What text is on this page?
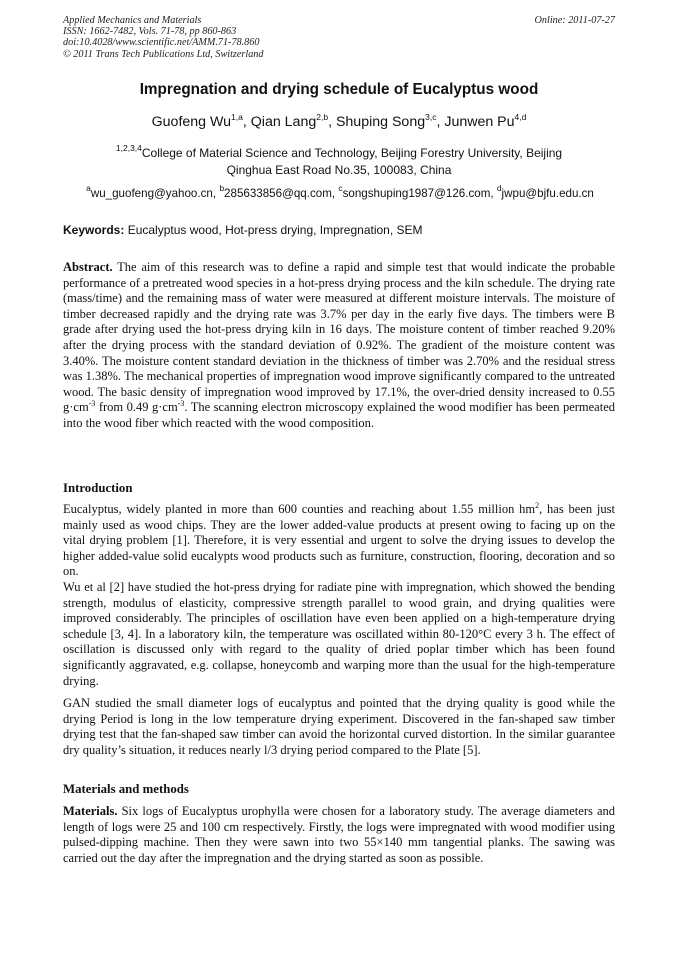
Applied Mechanics and Materials
ISSN: 1662-7482, Vols. 71-78, pp 860-863
doi:10.4028/www.scientific.net/AMM.71-78.860
© 2011 Trans Tech Publications Ltd, Switzerland
Online: 2011-07-27
Impregnation and drying schedule of Eucalyptus wood
Guofeng Wu$^{1,a}$, Qian Lang$^{2,b}$, Shuping Song$^{3,c}$, Junwen Pu$^{4,d}$
$^{1,2,3,4}$College of Material Science and Technology, Beijing Forestry University, Beijing
Qinghua East Road No.35, 100083, China
$^a$wu_guofeng@yahoo.cn, $^b$285633856@qq.com, $^c$songshuping1987@126.com, $^d$jwpu@bjfu.edu.cn
Keywords: Eucalyptus wood, Hot-press drying, Impregnation, SEM
Abstract. The aim of this research was to define a rapid and simple test that would indicate the probable performance of a pretreated wood species in a hot-press drying process and the kiln schedule. The drying rate (mass/time) and the remaining mass of water were measured at different moisture intervals. The moisture of timber decreased rapidly and the drying rate was 3.7% per day in the early five days. The timbers were B grade after drying used the hot-press drying kiln in 16 days. The moisture content of timber reached 9.20% after the drying process with the standard deviation of 0.92%. The gradient of the moisture content was 3.40%. The moisture content standard deviation in the thickness of timber was 2.70% and the residual stress was 1.38%. The mechanical properties of impregnation wood improve significantly compared to the untreated wood. The basic density of impregnation wood improved by 17.1%, the over-dried density increased to 0.55 $g\cdot cm^{-3}$ from 0.49 $g\cdot cm^{-3}$. The scanning electron microscopy explained the wood modifier has been permeated into the wood fiber which reacted with the wood composition.
Introduction
Eucalyptus, widely planted in more than 600 counties and reaching about 1.55 million $hm^2$, has been just mainly used as wood chips. They are the lower added-value products at present owing to facing up on the vital drying problem [1]. Therefore, it is very essential and urgent to solve the drying issues to develop the higher added-value solid eucalypts wood products such as furniture, construction, flooring, decoration and so on.
Wu et al [2] have studied the hot-press drying for radiate pine with impregnation, which showed the bending strength, modulus of elasticity, compressive strength parallel to wood grain, and drying qualities were improved considerably. The principles of oscillation have even been applied on a high-temperature drying schedule [3, 4]. In a laboratory kiln, the temperature was oscillated within 80-120°C every 3 h. The effect of oscillation is discussed only with regard to the quality of dried poplar timber which has been found significantly aggravated, e.g. collapse, honeycomb and warping more than the usual for the high-temperature drying.
GAN studied the small diameter logs of eucalyptus and pointed that the drying quality is good while the drying Period is long in the low temperature drying experiment. Discovered in the fan-shaped saw timber drying test that the fan-shaped saw timber can avoid the horizontal curved distortion. In the similar guarantee dry quality’s situation, it reduces nearly l/3 drying period compared to the Plate [5].
Materials and methods
Materials. Six logs of Eucalyptus urophylla were chosen for a laboratory study. The average diameters and length of logs were 25 and 100 cm respectively. Firstly, the logs were impregnated with wood modifier using pulsed-dipping machine. Then they were sawn into two 55×140 mm tangential planks. The sawing was carried out the day after the impregnation and the drying started as soon as possible.
